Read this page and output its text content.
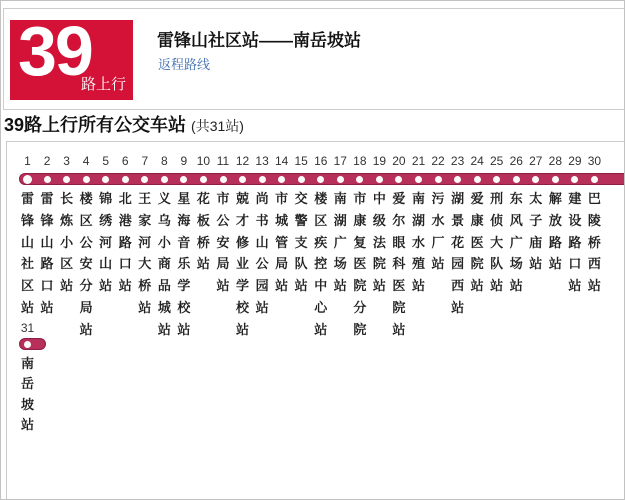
39
路上行
雷锋山社区站——南岳坡站
返程路线
39路上行所有公交车站 (共31站)
1
雷
锋
山
社
区
站
2
雷
锋
山
路
口
站
3
长
炼
小
区
站
4
楼
区
公
安
分
局
站
5
锦
绣
河
山
站
6
北
港
路
口
站
7
王
家
河
大
桥
站
8
义
乌
小
商
品
城
站
9
星
海
音
乐
学
校
站
10
花
板
桥
站
11
市
公
安
局
站
12
兢
才
修
业
学
校
站
13
尚
书
山
公
园
站
14
市
城
管
局
站
15
交
警
支
队
站
16
楼
区
疾
控
中
心
站
17
南
湖
广
场
站
18
市
康
复
医
院
分
院
19
中
级
法
院
站
20
爱
尔
眼
科
医
院
站
21
南
湖
水
殖
站
22
污
水
厂
站
23
湖
景
花
园
西
站
24
爱
康
医
院
站
25
刑
侦
大
队
站
26
东
风
广
场
站
27
太
子
庙
站
28
解
放
路
站
29
建
设
路
口
站
30
巴
陵
桥
西
站
31
南
岳
坡
站
